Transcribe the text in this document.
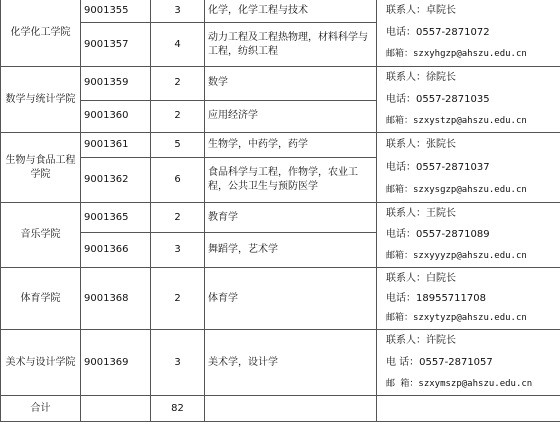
化学化工学院	9001355	3	化学，化学工程与技术	联系人：卓院长
电话：0557-2871072
邮箱：szxyhgzp@ahszu.edu.cn

	9001357	4	动力工程及工程热物理，材料科学与工程，纺织工程	
数学与统计学院	9001359	2	数学	联系人：徐院长
电话：0557-2871035
邮箱：szxystzp@ahszu.edu.cn

	9001360	2	应用经济学	
生物与食品工程学院	9001361	5	生物学，中药学，药学	联系人：张院长
电话：0557-2871037
邮箱：szxysgzp@ahszu.edu.cn

	9001362	6	食品科学与工程，作物学，农业工程，公共卫生与预防医学	
音乐学院	9001365	2	教育学	联系人：王院长
电话：0557-2871089
邮箱：szxyyyzp@ahszu.edu.cn

	9001366	3	舞蹈学，艺术学	
体育学院	9001368	2	体育学	联系人：白院长
电话：18955711708
邮箱：szxytyzp@ahszu.edu.cn

美术与设计学院	9001369	3	美术学，设计学	联系人：许院长
电 话：0557-2871057
邮 箱：szxymszp@ahszu.edu.cn

合计		82		
